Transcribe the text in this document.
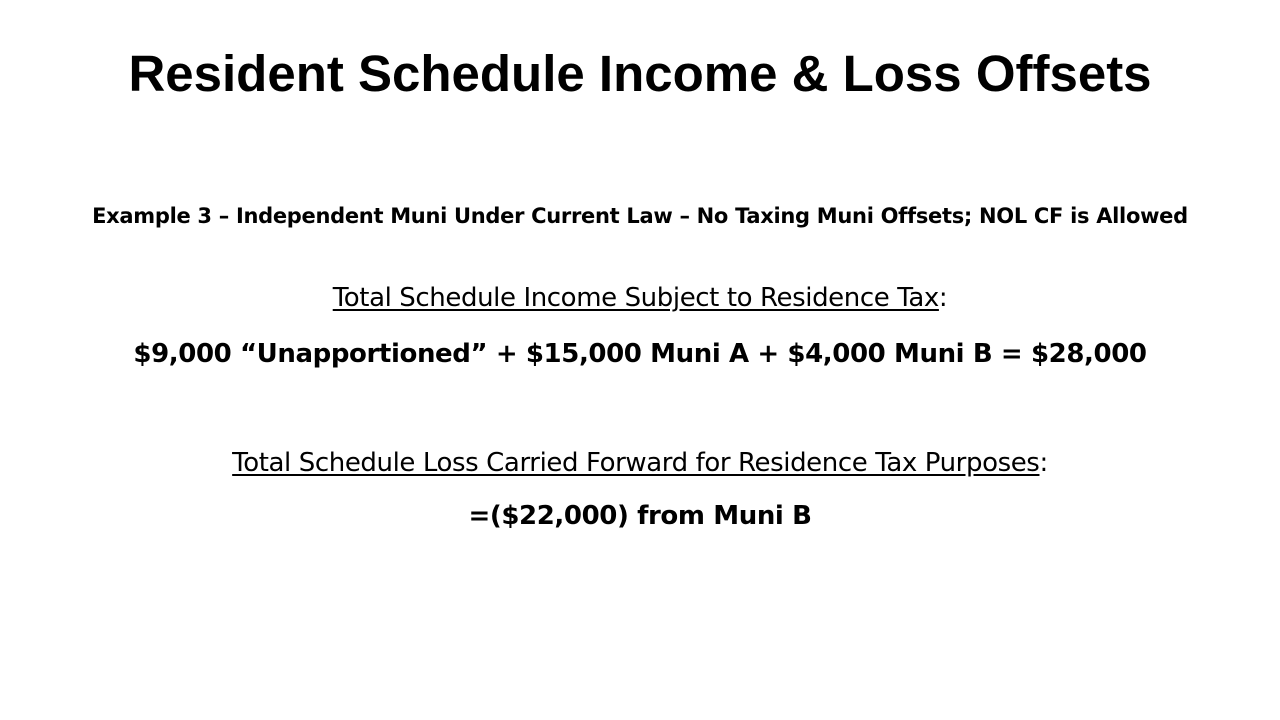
Resident Schedule Income & Loss Offsets

Example 3 – Independent Muni Under Current Law – No Taxing Muni Offsets; NOL CF is Allowed

Total Schedule Income Subject to Residence Tax:

$9,000 “Unapportioned” + $15,000 Muni A + $4,000 Muni B = $28,000

Total Schedule Loss Carried Forward for Residence Tax Purposes:

=($22,000) from Muni B
